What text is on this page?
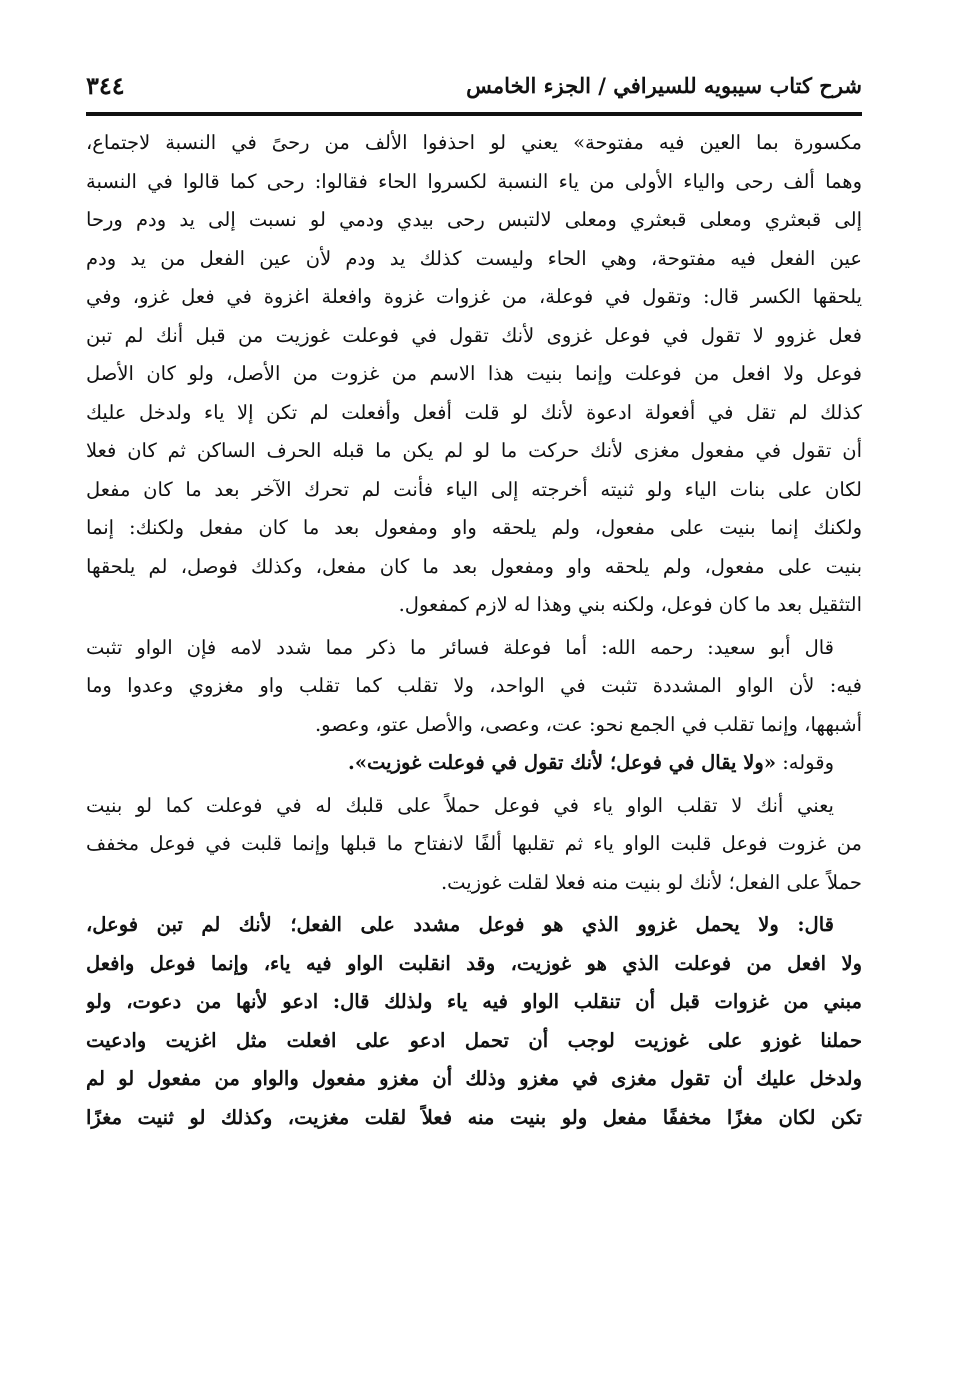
شرح كتاب سيبويه للسيرافي / الجزء الخامس
٣٤٤
مكسورة بما العين فيه مفتوحة» يعني لو احذفوا الألف من رحىً في النسبة لاجتماع،
وهما ألف رحى والياء الأولى من ياء النسبة لكسروا الحاء فقالوا: رحى كما قالوا في النسبة
إلى قبعثري ومعلى قبعثري ومعلى لالتبس رحى بيدي ودمي لو نسبت إلى يد ودم ورحا
عين الفعل فيه مفتوحة، وهي الحاء وليست كذلك يد ودم لأن عين الفعل من يد ودم
يلحقها الكسر قال: وتقول في فوعلة، من غزوات غزوة وافعلة اغزوة في فعل غزو، وفي
فعل غزوو لا تقول في فوعل غزوى لأنك تقول في فوعلت غوزيت من قبل أنك لم تبن
فوعل ولا افعل من فوعلت وإنما بنيت هذا الاسم من غزوت من الأصل، ولو كان الأصل
كذلك لم تقل في أفعولة ادعوة لأنك لو قلت أفعل وأفعلت لم تكن إلا ياء ولدخل عليك
أن تقول في مفعول مغزى لأنك حركت ما لو لم يكن ما قبله الحرف الساكن ثم كان فعلا
لكان على بنات الياء ولو ثنيته أخرجته إلى الياء فأنت لم تحرك الآخر بعد ما كان مفعل
ولكنك إنما بنيت على مفعول، ولم يلحقه واو ومفعول بعد ما كان مفعل ولكنك: إنما
بنيت على مفعول، ولم يلحقه واو ومفعول بعد ما كان مفعل، وكذلك فوصل، لم يلحقها
التثقيل بعد ما كان فوعل، ولكنه بني وهذا له لازم كمفعول.
قال أبو سعيد: رحمه الله: أما فوعلة فسائر ما ذكر مما شدد لامه فإن الواو تثبت
فيه: لأن الواو المشددة تثبت في الواحد، ولا تقلب كما تقلب واو مغزوي وعدوا وما
أشبهها، وإنما تقلب في الجمع نحو: عت، وعصى، والأصل عتو، وعصو.
وقوله: «ولا يقال في فوعل؛ لأنك تقول في فوعلت غوزيت».
يعني أنك لا تقلب الواو ياء في فوعل حملاً على قلبك له في فوعلت كما لو بنيت
من غزوت فوعل قلبت الواو ياء ثم تقلبها ألفًا لانفتاح ما قبلها وإنما قلبت في فوعل مخفف
حملاً على الفعل؛ لأنك لو بنيت منه فعلا لقلت غوزيت.
قال: ولا يحمل غزوو الذي هو فوعل مشدد على الفعل؛ لأنك لم تبن فوعل،
ولا افعل من فوعلت الذي هو غوزيت، وقد انقلبت الواو فيه ياء، وإنما فوعل وافعل
مبني من غزوات قبل أن تنقلب الواو فيه ياء ولذلك قال: ادعو لأنها من دعوت، ولو
حملنا غوزو على غوزيت لوجب أن تحمل ادعو على افعلت مثل اغزيت وادعيت
ولدخل عليك أن تقول مغزى في مغزو وذلك أن مغزو مفعول والواو من مفعول لو لم
تكن لكان مغزًا مخففًا مفعل ولو بنيت منه فعلاً لقلت مغزيت، وكذلك لو ثنيت مغزًا
